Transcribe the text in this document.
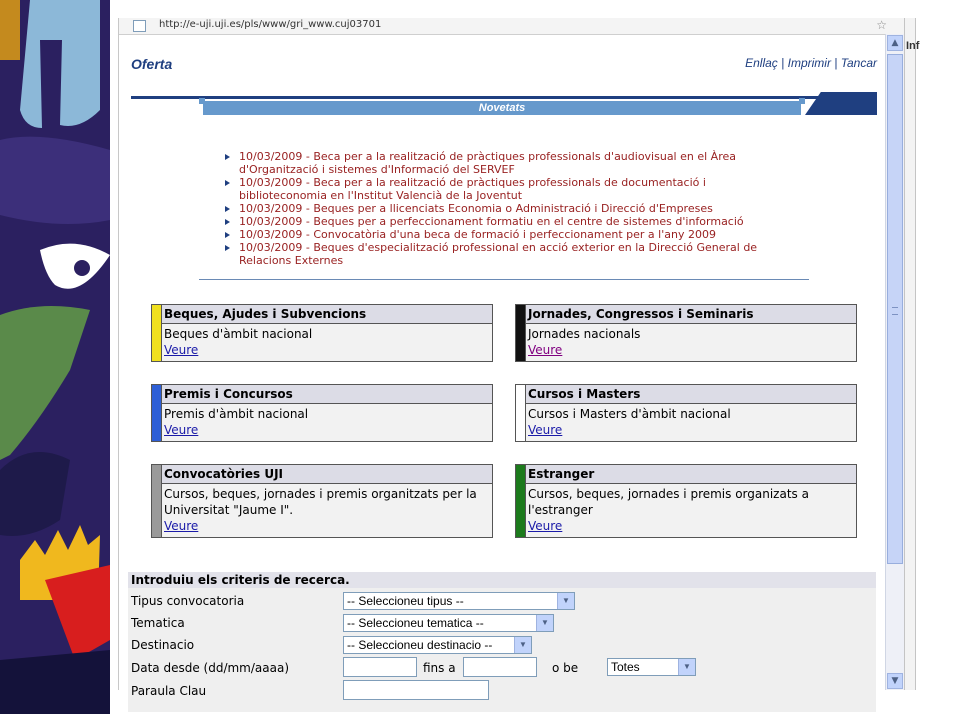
http://e-uji.uji.es/pls/www/gri_www.cuj03701	☆
Oferta	Enllaç | Imprimir | Tancar
Novetats
10/03/2009 - Beca per a la realització de pràctiques professionals d'audiovisual en el Àrea d'Organització i sistemes d'Informació del SERVEF
10/03/2009 - Beca per a la realització de pràctiques professionals de documentació i biblioteconomia en l'Institut Valencià de la Joventut
10/03/2009 - Beques per a llicenciats Economia o Administració i Direcció d'Empreses
10/03/2009 - Beques per a perfeccionament formatiu en el centre de sistemes d'informació
10/03/2009 - Convocatòria d'una beca de formació i perfeccionament per a l'any 2009
10/03/2009 - Beques d'especialització professional en acció exterior en la Direcció General de Relacions Externes
Beques, Ajudes i Subvencions
Beques d'àmbit nacional
Veure
Jornades, Congressos i Seminaris
Jornades nacionals
Veure
Premis i Concursos
Premis d'àmbit nacional
Veure
Cursos i Masters
Cursos i Masters d'àmbit nacional
Veure
Convocatòries UJI
Cursos, beques, jornades i premis organitzats per la Universitat "Jaume I".
Veure
Estranger
Cursos, beques, jornades i premis organizats a l'estranger
Veure
Introduiu els criteris de recerca.
Tipus convocatoria	-- Seleccioneu tipus --	▼
Tematica	-- Seleccioneu tematica --	▼
Destinacio	-- Seleccioneu destinacio --	▼
Data desde (dd/mm/aaaa)	fins a	o be	Totes	▼
Paraula Clau
▲
▼
Inf
